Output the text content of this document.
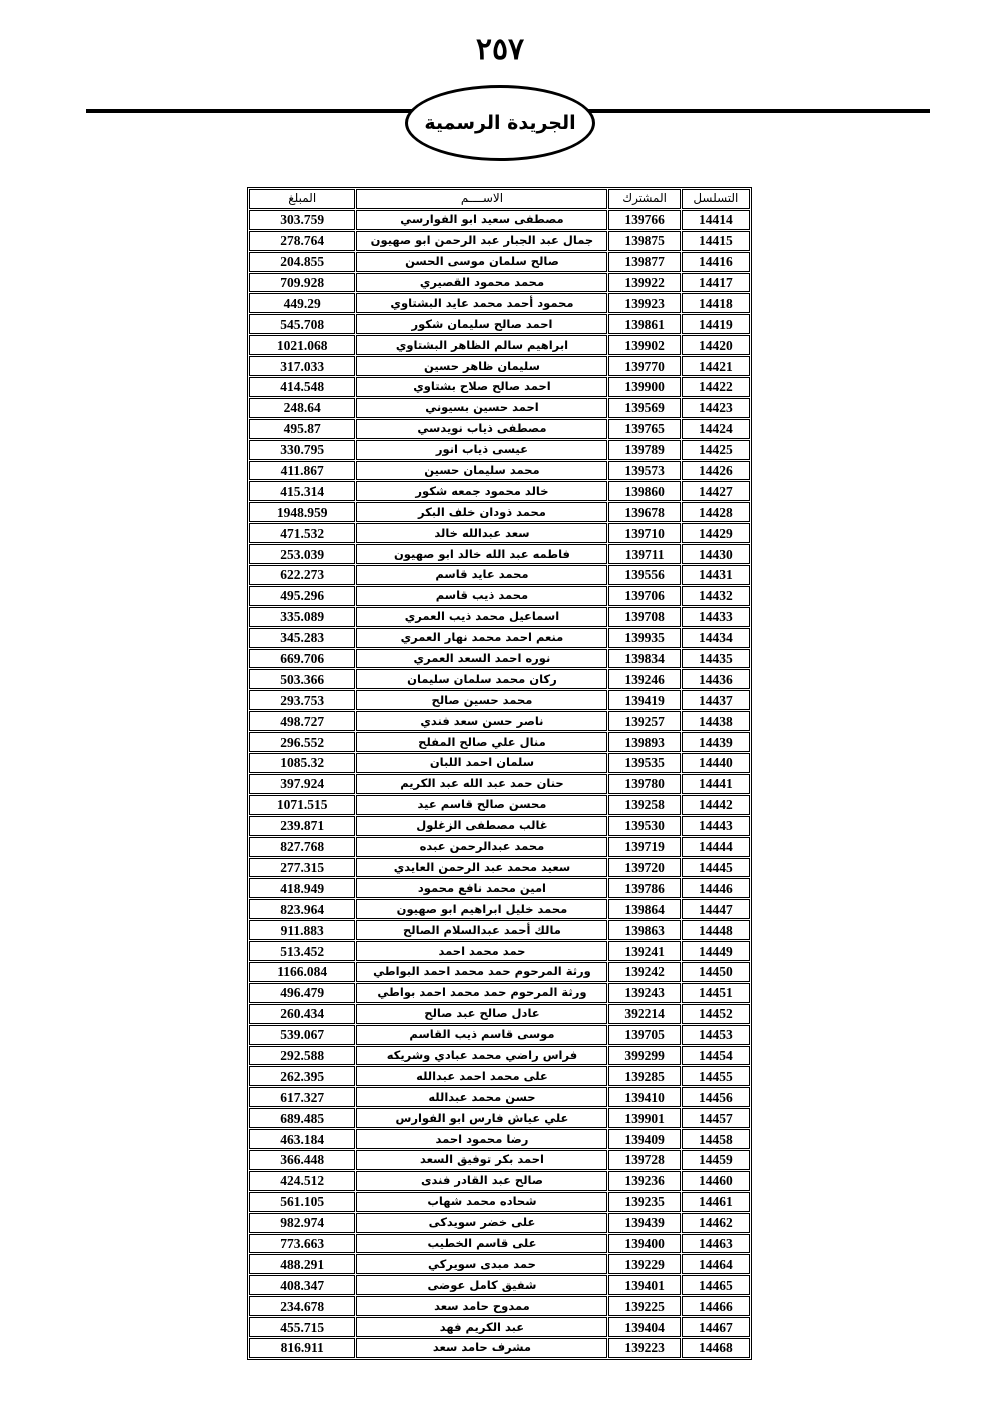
٢٥٧
الجريدة الرسمية
التسلسل	المشترك	الاســــم	المبلغ
14414	139766	مصطفى سعيد ابو الفوارسي	303.759
14415	139875	جمال عبد الجبار عبد الرحمن ابو صهيون	278.764
14416	139877	صالح سلمان موسى الحسن	204.855
14417	139922	محمد محمود القصيري	709.928
14418	139923	محمود أحمد محمد عايد البشتاوي	449.29
14419	139861	احمد صالح سليمان شكور	545.708
14420	139902	ابراهيم سالم الظاهر البشتاوي	1021.068
14421	139770	سليمان ظاهر حسين	317.033
14422	139900	احمد صالح صلاح بشتاوي	414.548
14423	139569	احمد حسين بسيوني	248.64
14424	139765	مصطفى ذياب نويدسي	495.87
14425	139789	عيسى ذياب انور	330.795
14426	139573	محمد سليمان حسين	411.867
14427	139860	خالد محمود جمعه شكور	415.314
14428	139678	محمد ذودان خلف البكر	1948.959
14429	139710	سعد عبدالله خالد	471.532
14430	139711	فاطمه عبد الله خالد ابو صهيون	253.039
14431	139556	محمد عايد قاسم	622.273
14432	139706	محمد ذيب قاسم	495.296
14433	139708	اسماعيل محمد ذيب العمري	335.089
14434	139935	منعم احمد محمد نهار العمري	345.283
14435	139834	نوره احمد السعد العمري	669.706
14436	139246	ركان محمد سلمان سليمان	503.366
14437	139419	محمد حسين صالح	293.753
14438	139257	ناصر حسن سعد فندي	498.727
14439	139893	منال علي صالح المفلح	296.552
14440	139535	سلمان احمد اللبان	1085.32
14441	139780	حنان حمد عبد الله عبد الكريم	397.924
14442	139258	محسن صالح قاسم عيد	1071.515
14443	139530	غالب مصطفى الزغلول	239.871
14444	139719	محمد عبدالرحمن عبده	827.768
14445	139720	سعيد محمد عبد الرحمن العايدي	277.315
14446	139786	امين محمد نافع محمود	418.949
14447	139864	محمد خليل ابراهيم ابو صهيون	823.964
14448	139863	مالك أحمد عبدالسلام الصالح	911.883
14449	139241	حمد محمد احمد	513.452
14450	139242	ورثة المرحوم حمد محمد احمد البواطي	1166.084
14451	139243	ورثة المرحوم حمد محمد احمد بواطي	496.479
14452	392214	عادل صالح عبد صالح	260.434
14453	139705	موسى قاسم ذيب القاسم	539.067
14454	399299	فراس راضي محمد عبادي وشريكه	292.588
14455	139285	على محمد احمد عبدالله	262.395
14456	139410	حسن محمد عبدالله	617.327
14457	139901	علي عياش فارس ابو الفوارس	689.485
14458	139409	رضا محمود احمد	463.184
14459	139728	احمد بكر توفيق السعد	366.448
14460	139236	صالح عبد القادر فندى	424.512
14461	139235	شحاده محمد شهاب	561.105
14462	139439	على خضر سويدكى	982.974
14463	139400	على قاسم الخطيب	773.663
14464	139229	حمد مبدى سويركي	488.291
14465	139401	شفيق كامل عوضى	408.347
14466	139225	ممدوح حامد سعد	234.678
14467	139404	عبد الكريم فهد	455.715
14468	139223	مشرف حامد سعد	816.911
